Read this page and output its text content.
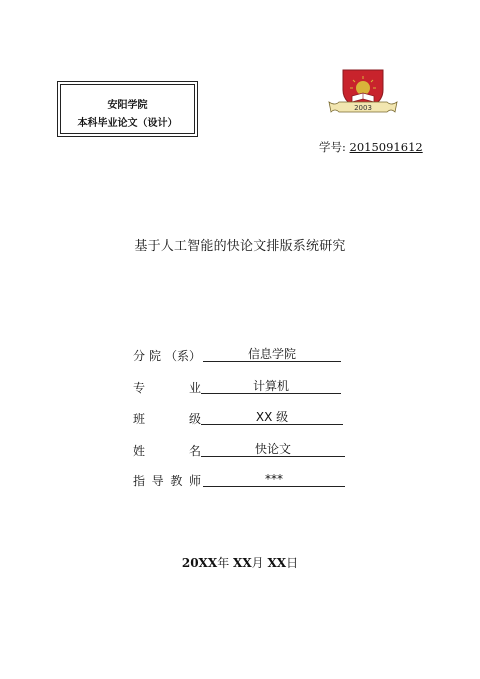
安阳学院
本科毕业论文（设计）
2003
学号: 2015091612
基于人工智能的快论文排版系统研究
分 院 （系）	信息学院
专	业	计算机
班	级	XX 级
姓	名	快论文
指 导 教 师	***
20XX年 XX月 XX日
